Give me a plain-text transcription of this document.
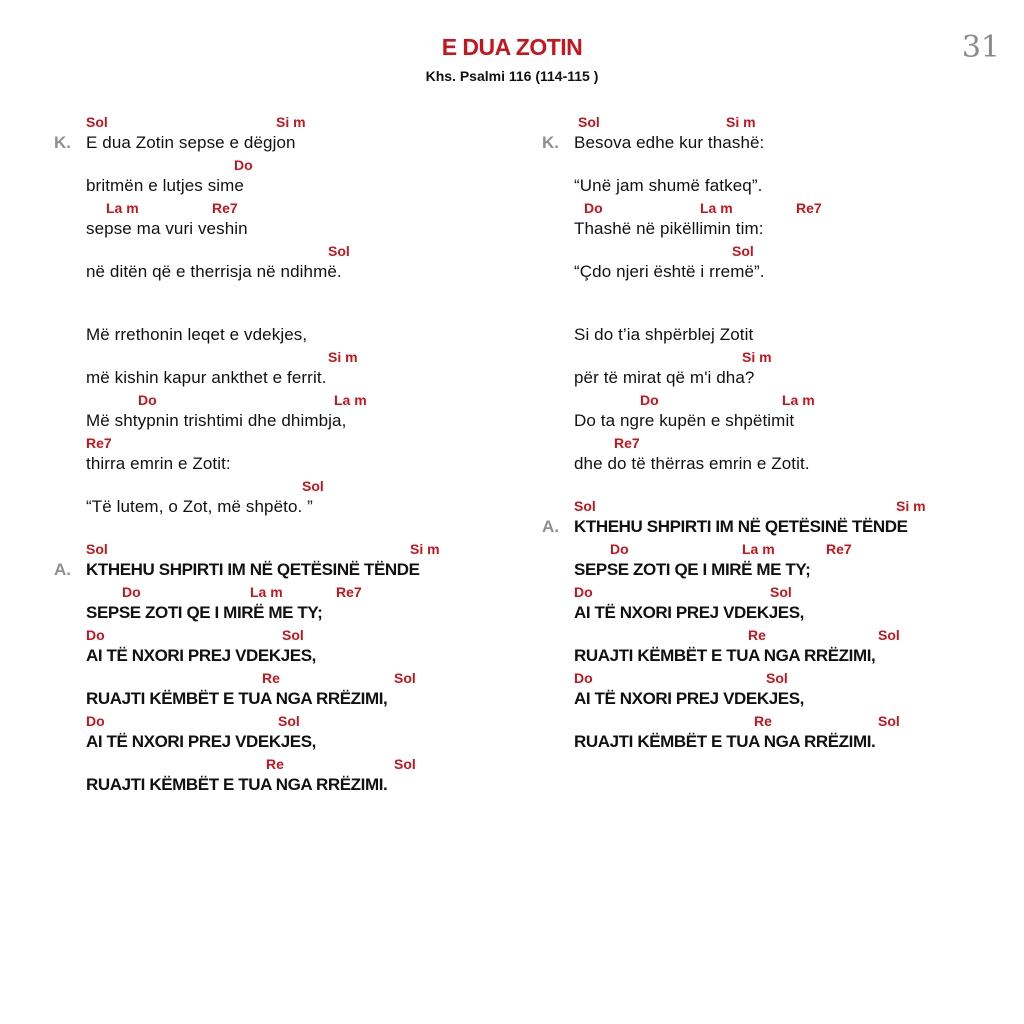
E DUA ZOTIN
Khs. Psalmi 116 (114-115 )
31
K.
Sol	Si m
E dua Zotin sepse e dëgjon
Do
britmën e lutjes sime
La m	Re7
sepse ma vuri veshin
Sol
në ditën që e therrisja në ndihmë.
Më rrethonin leqet e vdekjes,
Si m
më kishin kapur ankthet e ferrit.
Do	La m
Më shtypnin trishtimi dhe dhimbja,
Re7
thirra emrin e Zotit:
Sol
“Të lutem, o Zot, më shpëto. ”
A.
Sol	Si m
KTHEHU SHPIRTI IM NË QETËSINË TËNDE
Do	La m	Re7
SEPSE ZOTI QE I MIRË ME TY;
Do	Sol
AI TË NXORI PREJ VDEKJES,
Re	Sol
RUAJTI KËMBËT E TUA NGA RRËZIMI,
Do	Sol
AI TË NXORI PREJ VDEKJES,
Re	Sol
RUAJTI KËMBËT E TUA NGA RRËZIMI.
K.
Sol	Si m
Besova edhe kur thashë:
“Unë jam shumë fatkeq”.
Do	La m	Re7
Thashë në pikëllimin tim:
Sol
“Çdo njeri është i rremë”.
Si do t’ia shpërblej Zotit
Si m
për të mirat që m'i dha?
Do	La m
Do ta ngre kupën e shpëtimit
Re7
dhe do të thërras emrin e Zotit.
A.
Sol	Si m
KTHEHU SHPIRTI IM NË QETËSINË TËNDE
Do	La m	Re7
SEPSE ZOTI QE I MIRË ME TY;
Do	Sol
AI TË NXORI PREJ VDEKJES,
Re	Sol
RUAJTI KËMBËT E TUA NGA RRËZIMI,
Do	Sol
AI TË NXORI PREJ VDEKJES,
Re	Sol
RUAJTI KËMBËT E TUA NGA RRËZIMI.
